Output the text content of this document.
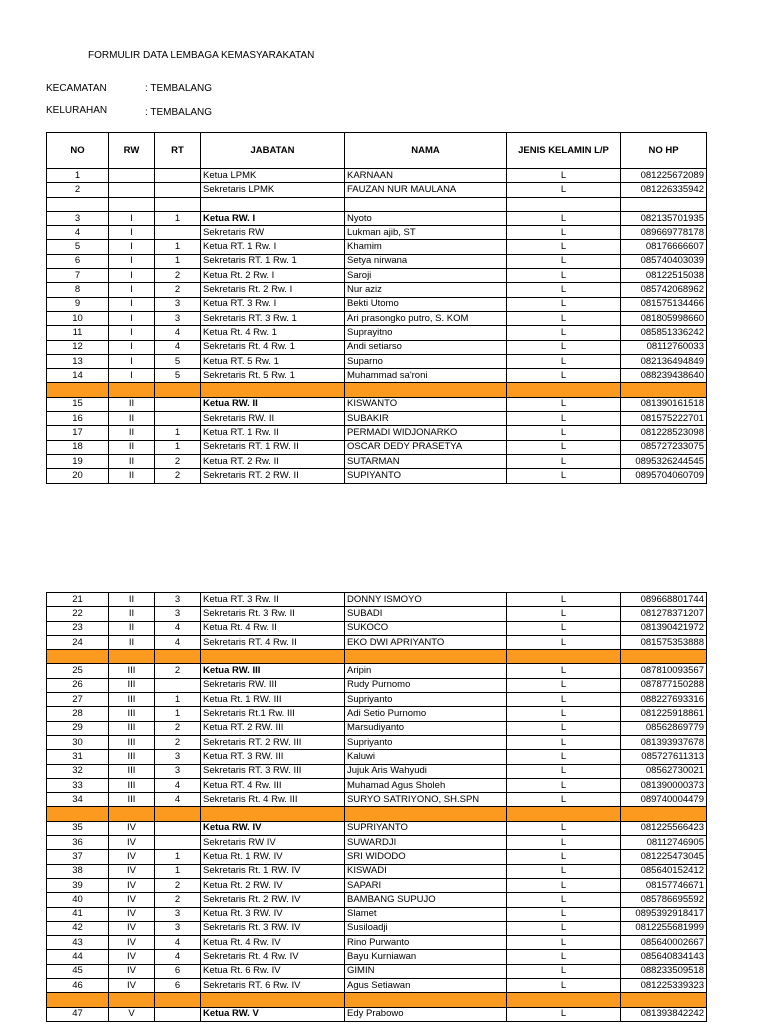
FORMULIR DATA LEMBAGA KEMASYARAKATAN
KECAMATAN	: TEMBALANG
KELURAHAN	: TEMBALANG
NO	RW	RT	JABATAN	NAMA	JENIS KELAMIN L/P	NO HP
1			Ketua LPMK	KARNAAN	L	081225672089
2			Sekretaris LPMK	FAUZAN NUR MAULANA	L	081226335942

3	I	1	Ketua RW. I	Nyoto	L	082135701935
4	I		Sekretaris RW	Lukman ajib, ST	L	089669778178
5	I	1	Ketua RT. 1 Rw. I	Khamim	L	08176666607
6	I	1	Sekretaris RT. 1 Rw. 1	Setya nirwana	L	085740403039
7	I	2	Ketua Rt. 2 Rw. I	Saroji	L	08122515038
8	I	2	Sekretaris Rt. 2 Rw. I	Nur aziz	L	085742068962
9	I	3	Ketua RT. 3 Rw. I	Bekti Utomo	L	081575134466
10	I	3	Sekretaris RT. 3 Rw. 1	Ari prasongko putro, S. KOM	L	081805998660
11	I	4	Ketua Rt. 4 Rw. 1	Suprayitno	L	085851336242
12	I	4	Sekretaris Rt. 4 Rw. 1	Andi setiarso	L	08112760033
13	I	5	Ketua RT. 5 Rw. 1	Suparno	L	082136494849
14	I	5	Sekretaris Rt. 5 Rw. 1	Muhammad sa'roni	L	088239438640

15	II		Ketua RW. II	KISWANTO	L	081390161518
16	II		Sekretaris RW. II	SUBAKIR	L	081575222701
17	II	1	Ketua RT. 1 Rw. II	PERMADI WIDJONARKO	L	081228523098
18	II	1	Sekretaris RT. 1 RW. II	OSCAR DEDY PRASETYA	L	085727233075
19	II	2	Ketua RT. 2 Rw. II	SUTARMAN	L	0895326244545
20	II	2	Sekretaris RT. 2 RW. II	SUPIYANTO	L	0895704060709
21	II	3	Ketua RT. 3 Rw. II	DONNY ISMOYO	L	089668801744
22	II	3	Sekretaris Rt. 3 Rw. II	SUBADI	L	081278371207
23	II	4	Ketua Rt. 4 Rw. II	SUKOCO	L	081390421972
24	II	4	Sekretaris RT. 4 Rw. II	EKO DWI APRIYANTO	L	081575353888

25	III	2	Ketua RW. III	Aripin	L	087810093567
26	III		Sekretaris RW. III	Rudy Purnomo	L	087877150288
27	III	1	Ketua Rt. 1 RW. III	Supriyanto	L	088227693316
28	III	1	Sekretaris Rt.1 Rw. III	Adi Setio Purnomo	L	081225918861
29	III	2	Ketua RT. 2 RW. III	Marsudiyanto	L	08562869779
30	III	2	Sekretaris RT. 2 RW. III	Supriyanto	L	081393937678
31	III	3	Ketua RT. 3 RW. III	Kaluwi	L	085727611313
32	III	3	Sekretaris RT. 3 RW. III	Jujuk Aris Wahyudi	L	08562730021
33	III	4	Ketua RT. 4 Rw. III	Muhamad Agus Sholeh	L	081390000373
34	III	4	Sekretaris Rt. 4 Rw. III	SURYO SATRIYONO, SH.SPN	L	089740004479

35	IV		Ketua RW. IV	SUPRIYANTO	L	081225566423
36	IV		Sekretaris RW IV	SUWARDJI	L	08112746905
37	IV	1	Ketua Rt. 1 RW. IV	SRI WIDODO	L	081225473045
38	IV	1	Sekretaris Rt. 1 RW. IV	KISWADI	L	085640152412
39	IV	2	Ketua Rt. 2 RW. IV	SAPARI	L	08157746671
40	IV	2	Sekretaris Rt. 2 RW. IV	BAMBANG SUPUJO	L	085786695592
41	IV	3	Ketua Rt. 3 RW. IV	Slamet	L	0895392918417
42	IV	3	Sekretaris Rt. 3 RW. IV	Susiloadji	L	0812255681999
43	IV	4	Ketua Rt. 4 Rw. IV	Rino Purwanto	L	085640002667
44	IV	4	Sekretaris Rt. 4 Rw. IV	Bayu Kurniawan	L	085640834143
45	IV	6	Ketua Rt. 6 Rw. IV	GIMIN	L	088233509518
46	IV	6	Sekretaris RT. 6 Rw. IV	Agus Setiawan	L	081225339323

47	V		Ketua RW. V	Edy Prabowo	L	081393842242
